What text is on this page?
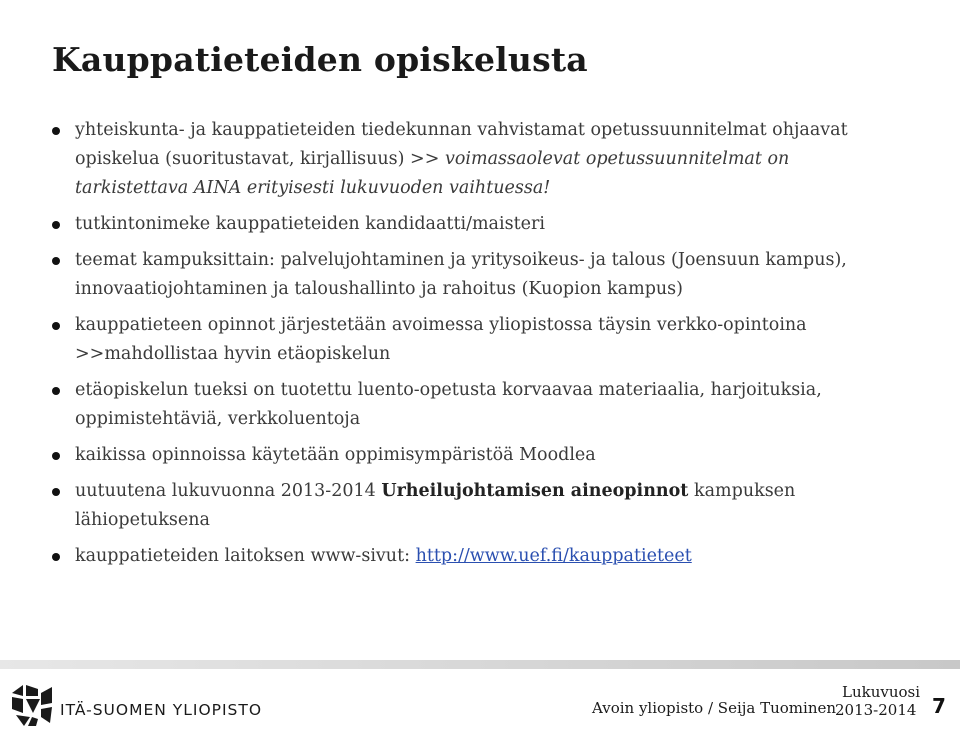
Kauppatieteiden opiskelusta
yhteiskunta- ja kauppatieteiden tiedekunnan vahvistamat opetussuunnitelmat ohjaavat opiskelua (suoritustavat, kirjallisuus) >> voimassaolevat opetussuunnitelmat on tarkistettava AINA erityisesti lukuvuoden vaihtuessa!
tutkintonimeke kauppatieteiden kandidaatti/maisteri
teemat kampuksittain: palvelujohtaminen ja yritysoikeus- ja talous (Joensuun kampus), innovaatiojohtaminen ja taloushallinto ja rahoitus (Kuopion kampus)
kauppatieteen opinnot järjestetään avoimessa yliopistossa täysin verkko-opintoina >>mahdollistaa hyvin etäopiskelun
etäopiskelun tueksi on tuotettu luento-opetusta korvaavaa materiaalia, harjoituksia, oppimistehtäviä, verkkoluentoja
kaikissa opinnoissa käytetään oppimisympäristöä Moodlea
uutuutena lukuvuonna 2013-2014 Urheilujohtamisen aineopinnot kampuksen lähiopetuksena
kauppatieteiden laitoksen www-sivut: http://www.uef.fi/kauppatieteet
ITÄ-SUOMEN YLIOPISTO	Avoin yliopisto / Seija Tuominen
Lukuvuosi
2013-2014 7
